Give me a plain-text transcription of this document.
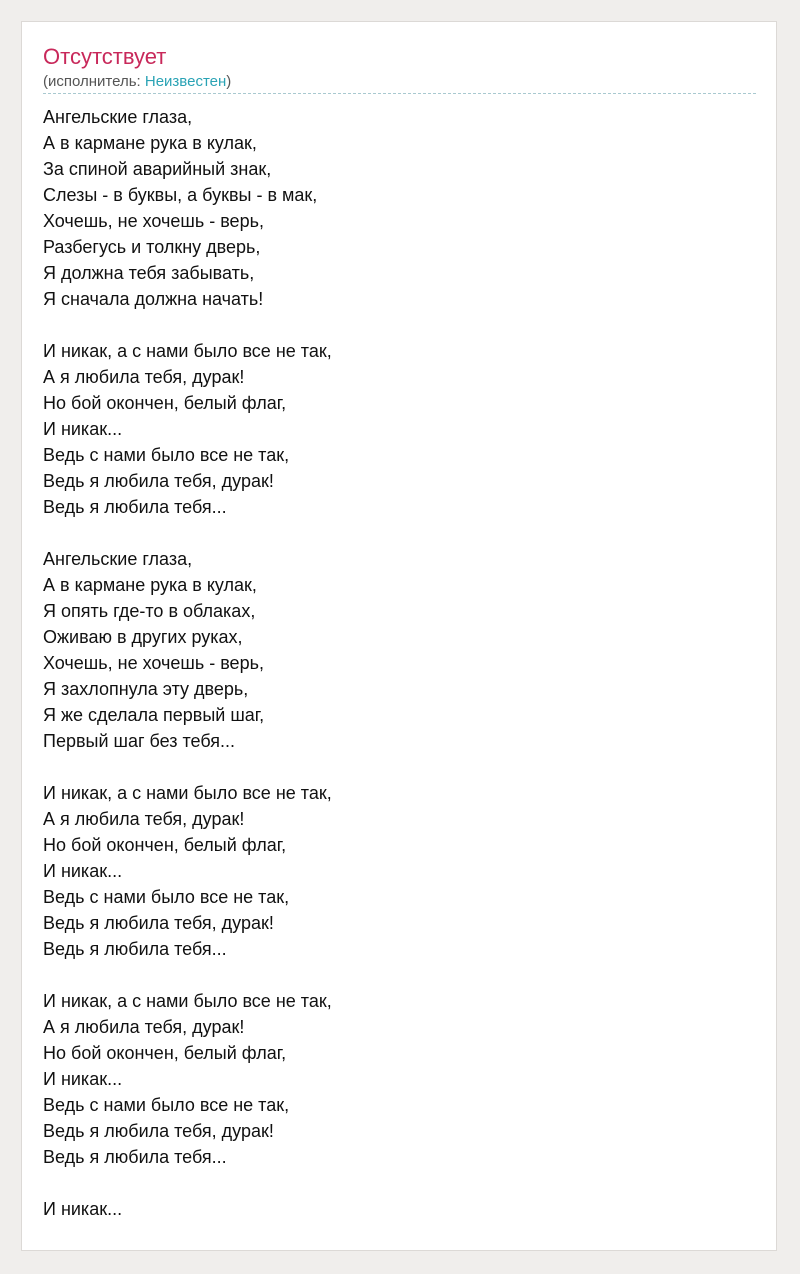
Отсутствует
(исполнитель: Неизвестен)
Ангельские глаза,
А в кармане рука в кулак,
За спиной аварийный знак,
Слезы - в буквы, а буквы - в мак,
Хочешь, не хочешь - верь,
Разбегусь и толкну дверь,
Я должна тебя забывать,
Я сначала должна начать!
И никак, а с нами было все не так,
А я любила тебя, дурак!
Но бой окончен, белый флаг,
И никак...
Ведь с нами было все не так,
Ведь я любила тебя, дурак!
Ведь я любила тебя...
Ангельские глаза,
А в кармане рука в кулак,
Я опять где-то в облаках,
Оживаю в других руках,
Хочешь, не хочешь - верь,
Я захлопнула эту дверь,
Я же сделала первый шаг,
Первый шаг без тебя...
И никак, а с нами было все не так,
А я любила тебя, дурак!
Но бой окончен, белый флаг,
И никак...
Ведь с нами было все не так,
Ведь я любила тебя, дурак!
Ведь я любила тебя...
И никак, а с нами было все не так,
А я любила тебя, дурак!
Но бой окончен, белый флаг,
И никак...
Ведь с нами было все не так,
Ведь я любила тебя, дурак!
Ведь я любила тебя...
И никак...
